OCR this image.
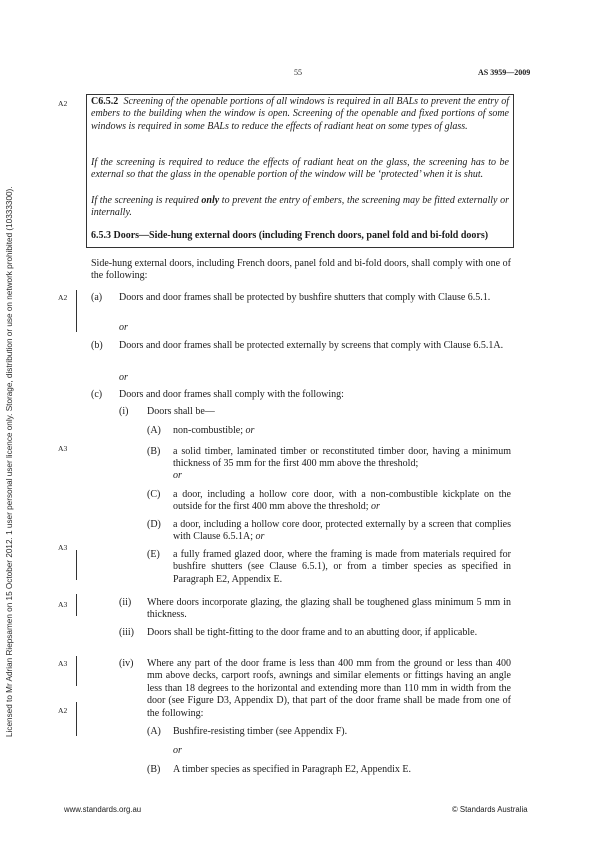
55	AS 3959—2009
Licensed to Mr Adrian Riepsamen on 15 October 2012. 1 user personal user licence only. Storage, distribution or use on network prohibited (10333300).
A2
A2
A3
A3
A3
A3
A2
C6.5.2 Screening of the openable portions of all windows is required in all BALs to prevent the entry of embers to the building when the window is open. Screening of the openable and fixed portions of some windows is required in some BALs to reduce the effects of radiant heat on some types of glass.
If the screening is required to reduce the effects of radiant heat on the glass, the screening has to be external so that the glass in the openable portion of the window will be ‘protected’ when it is shut.
If the screening is required only to prevent the entry of embers, the screening may be fitted externally or internally.
6.5.3 Doors—Side-hung external doors (including French doors, panel fold and bi-fold doors)
Side-hung external doors, including French doors, panel fold and bi-fold doors, shall comply with one of the following:
(a) Doors and door frames shall be protected by bushfire shutters that comply with Clause 6.5.1.
or
(b) Doors and door frames shall be protected externally by screens that comply with Clause 6.5.1A.
or
(c) Doors and door frames shall comply with the following:
(i) Doors shall be—
(A) non-combustible; or
(B) a solid timber, laminated timber or reconstituted timber door, having a minimum thickness of 35 mm for the first 400 mm above the threshold;
or
(C) a door, including a hollow core door, with a non-combustible kickplate on the outside for the first 400 mm above the threshold; or
(D) a door, including a hollow core door, protected externally by a screen that complies with Clause 6.5.1A; or
(E) a fully framed glazed door, where the framing is made from materials required for bushfire shutters (see Clause 6.5.1), or from a timber species as specified in Paragraph E2, Appendix E.
(ii) Where doors incorporate glazing, the glazing shall be toughened glass minimum 5 mm in thickness.
(iii) Doors shall be tight-fitting to the door frame and to an abutting door, if applicable.
(iv) Where any part of the door frame is less than 400 mm from the ground or less than 400 mm above decks, carport roofs, awnings and similar elements or fittings having an angle less than 18 degrees to the horizontal and extending more than 110 mm in width from the door (see Figure D3, Appendix D), that part of the door frame shall be made from one of the following:
(A) Bushfire-resisting timber (see Appendix F).
or
(B) A timber species as specified in Paragraph E2, Appendix E.
www.standards.org.au	© Standards Australia
